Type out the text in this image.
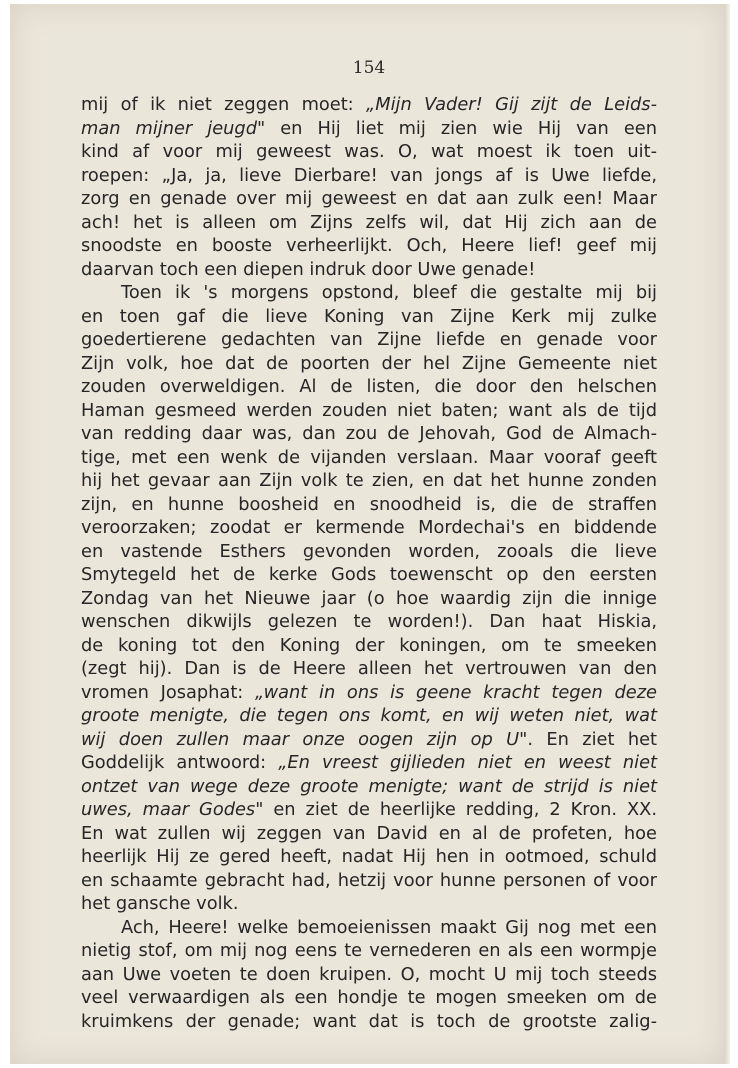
154

mij of ik niet zeggen moet: „Mijn Vader! Gij zijt de Leids-
man mijner jeugd" en Hij liet mij zien wie Hij van een
kind af voor mij geweest was. O, wat moest ik toen uit-
roepen: „Ja, ja, lieve Dierbare! van jongs af is Uwe liefde,
zorg en genade over mij geweest en dat aan zulk een! Maar
ach! het is alleen om Zijns zelfs wil, dat Hij zich aan de
snoodste en booste verheerlijkt. Och, Heere lief! geef mij
daarvan toch een diepen indruk door Uwe genade!
Toen ik 's morgens opstond, bleef die gestalte mij bij
en toen gaf die lieve Koning van Zijne Kerk mij zulke
goedertierene gedachten van Zijne liefde en genade voor
Zijn volk, hoe dat de poorten der hel Zijne Gemeente niet
zouden overweldigen. Al de listen, die door den helschen
Haman gesmeed werden zouden niet baten; want als de tijd
van redding daar was, dan zou de Jehovah, God de Almach-
tige, met een wenk de vijanden verslaan. Maar vooraf geeft
hij het gevaar aan Zijn volk te zien, en dat het hunne zonden
zijn, en hunne boosheid en snoodheid is, die de straffen
veroorzaken; zoodat er kermende Mordechai's en biddende
en vastende Esthers gevonden worden, zooals die lieve
Smytegeld het de kerke Gods toewenscht op den eersten
Zondag van het Nieuwe jaar (o hoe waardig zijn die innige
wenschen dikwijls gelezen te worden!). Dan haat Hiskia,
de koning tot den Koning der koningen, om te smeeken
(zegt hij). Dan is de Heere alleen het vertrouwen van den
vromen Josaphat: „want in ons is geene kracht tegen deze
groote menigte, die tegen ons komt, en wij weten niet, wat
wij doen zullen maar onze oogen zijn op U". En ziet het
Goddelijk antwoord: „En vreest gijlieden niet en weest niet
ontzet van wege deze groote menigte; want de strijd is niet
uwes, maar Godes" en ziet de heerlijke redding, 2 Kron. XX.
En wat zullen wij zeggen van David en al de profeten, hoe
heerlijk Hij ze gered heeft, nadat Hij hen in ootmoed, schuld
en schaamte gebracht had, hetzij voor hunne personen of voor
het gansche volk.
Ach, Heere! welke bemoeienissen maakt Gij nog met een
nietig stof, om mij nog eens te vernederen en als een wormpje
aan Uwe voeten te doen kruipen. O, mocht U mij toch steeds
veel verwaardigen als een hondje te mogen smeeken om de
kruimkens der genade; want dat is toch de grootste zalig-
